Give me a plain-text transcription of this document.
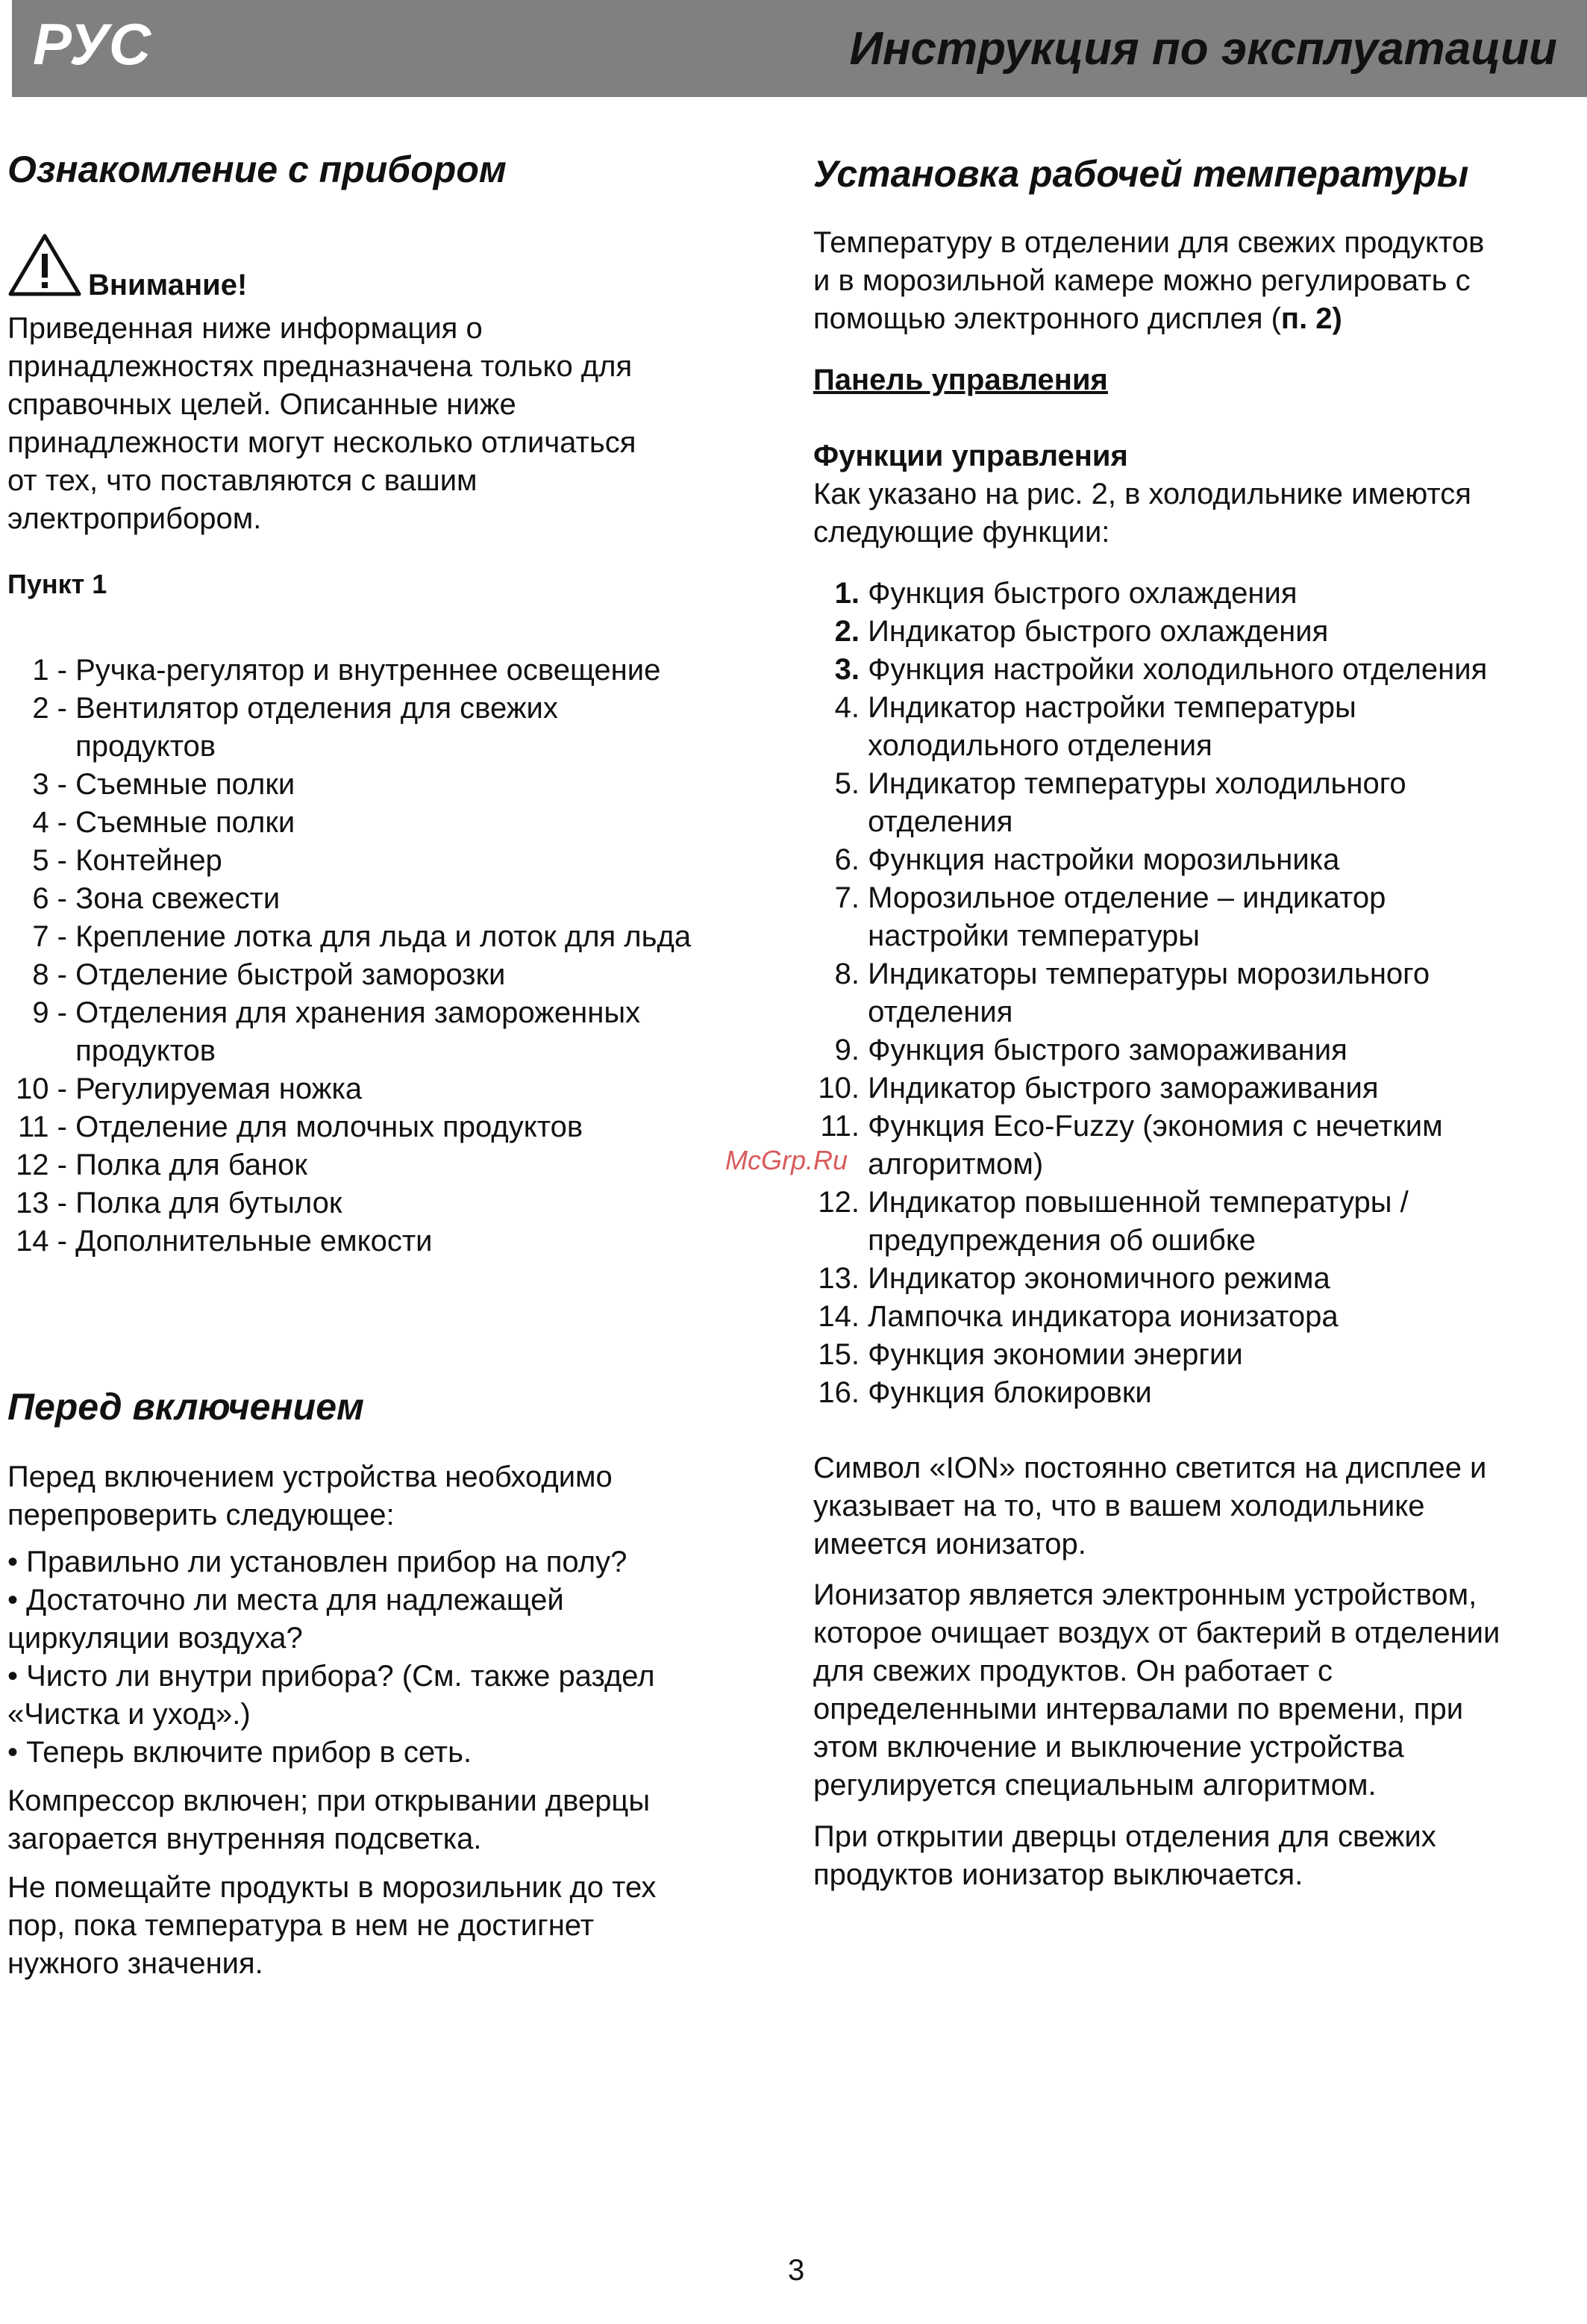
РУС	Инструкция по эксплуатации
Ознакомление с прибором
Внимание!
Приведенная ниже информация о
принадлежностях предназначена только для
справочных целей. Описанные ниже
принадлежности могут несколько отличаться
от тех, что поставляются с вашим
электроприбором.
Пункт 1
1 - Ручка-регулятор и внутреннее освещение
2 - Вентилятор отделения для свежих
продуктов
3 - Съемные полки
4 - Съемные полки
5 - Контейнер
6 - Зона свежести
7 - Крепление лотка для льда и лоток для льда
8 - Отделение быстрой заморозки
9 - Отделения для хранения замороженных
продуктов
10 - Регулируемая ножка
11 - Отделение для молочных продуктов
12 - Полка для банок
13 - Полка для бутылок
14 - Дополнительные емкости
Перед включением
Перед включением устройства необходимо
перепроверить следующее:
• Правильно ли установлен прибор на полу?
• Достаточно ли места для надлежащей
циркуляции воздуха?
• Чисто ли внутри прибора? (См. также раздел
«Чистка и уход».)
• Теперь включите прибор в сеть.
Компрессор включен; при открывании дверцы
загорается внутренняя подсветка.
Не помещайте продукты в морозильник до тех
пор, пока температура в нем не достигнет
нужного значения.
Установка рабочей температуры
Температуру в отделении для свежих продуктов
и в морозильной камере можно регулировать с
помощью электронного дисплея (п. 2)
Панель управления
Функции управления
Как указано на рис. 2, в холодильнике имеются
следующие функции:
1. Функция быстрого охлаждения
2. Индикатор быстрого охлаждения
3. Функция настройки холодильного отделения
4. Индикатор настройки температуры
холодильного отделения
5. Индикатор температуры холодильного
отделения
6. Функция настройки морозильника
7. Морозильное отделение – индикатор
настройки температуры
8. Индикаторы температуры морозильного
отделения
9. Функция быстрого замораживания
10. Индикатор быстрого замораживания
11. Функция Eco-Fuzzy (экономия с нечетким
алгоритмом)
12. Индикатор повышенной температуры /
предупреждения об ошибке
13. Индикатор экономичного режима
14. Лампочка индикатора ионизатора
15. Функция экономии энергии
16. Функция блокировки
Символ «ION» постоянно светится на дисплее и
указывает на то, что в вашем холодильнике
имеется ионизатор.
Ионизатор является электронным устройством,
которое очищает воздух от бактерий в отделении
для свежих продуктов. Он работает с
определенными интервалами по времени, при
этом включение и выключение устройства
регулируется специальным алгоритмом.
При открытии дверцы отделения для свежих
продуктов ионизатор выключается.
McGrp.Ru
3
